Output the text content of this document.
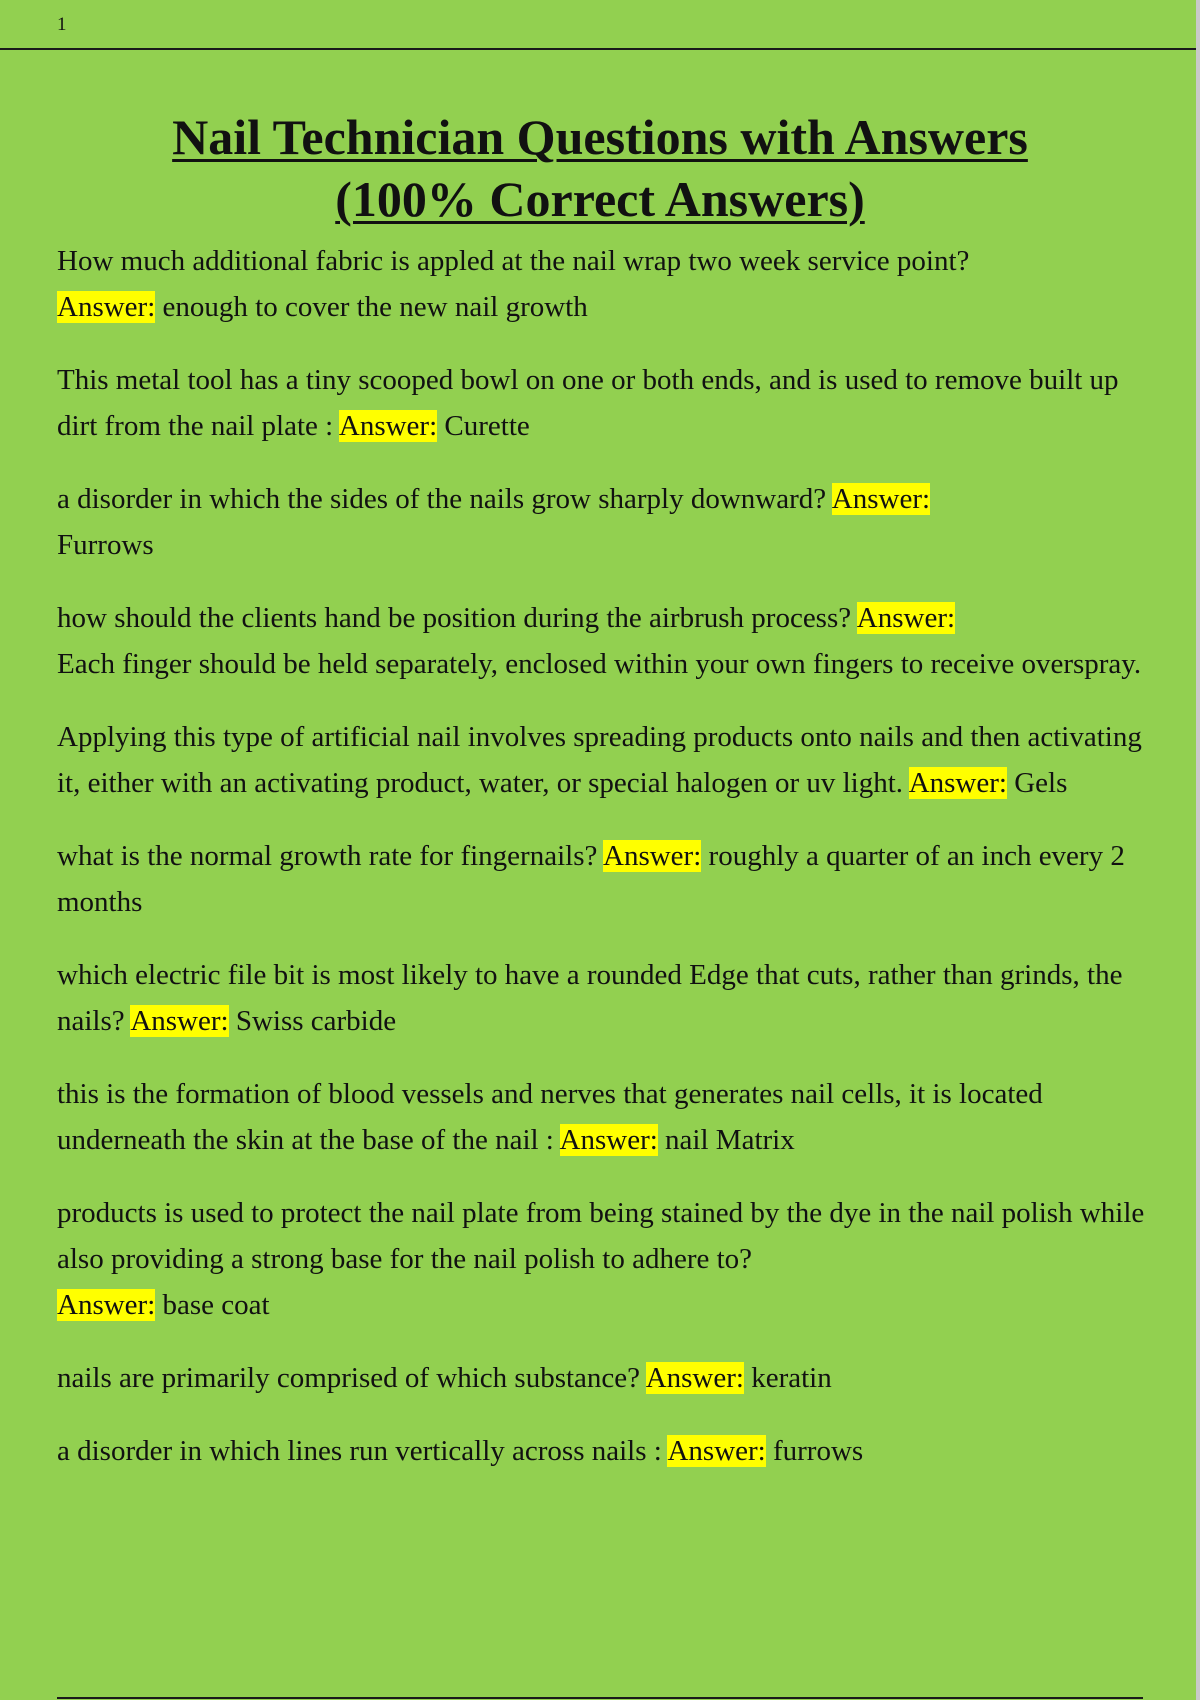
1
Nail Technician Questions with Answers
(100% Correct Answers)

How much additional fabric is appled at the nail wrap two week service point?
Answer: enough to cover the new nail growth

This metal tool has a tiny scooped bowl on one or both ends, and is used to remove built up dirt from the nail plate : Answer: Curette

a disorder in which the sides of the nails grow sharply downward? Answer:
Furrows

how should the clients hand be position during the airbrush process? Answer:
Each finger should be held separately, enclosed within your own fingers to receive overspray.

Applying this type of artificial nail involves spreading products onto nails and then activating it, either with an activating product, water, or special halogen or uv light. Answer: Gels

what is the normal growth rate for fingernails? Answer: roughly a quarter of an inch every 2 months

which electric file bit is most likely to have a rounded Edge that cuts, rather than grinds, the nails? Answer: Swiss carbide

this is the formation of blood vessels and nerves that generates nail cells, it is located underneath the skin at the base of the nail : Answer: nail Matrix

products is used to protect the nail plate from being stained by the dye in the nail polish while also providing a strong base for the nail polish to adhere to?
Answer: base coat

nails are primarily comprised of which substance? Answer: keratin

a disorder in which lines run vertically across nails : Answer: furrows
